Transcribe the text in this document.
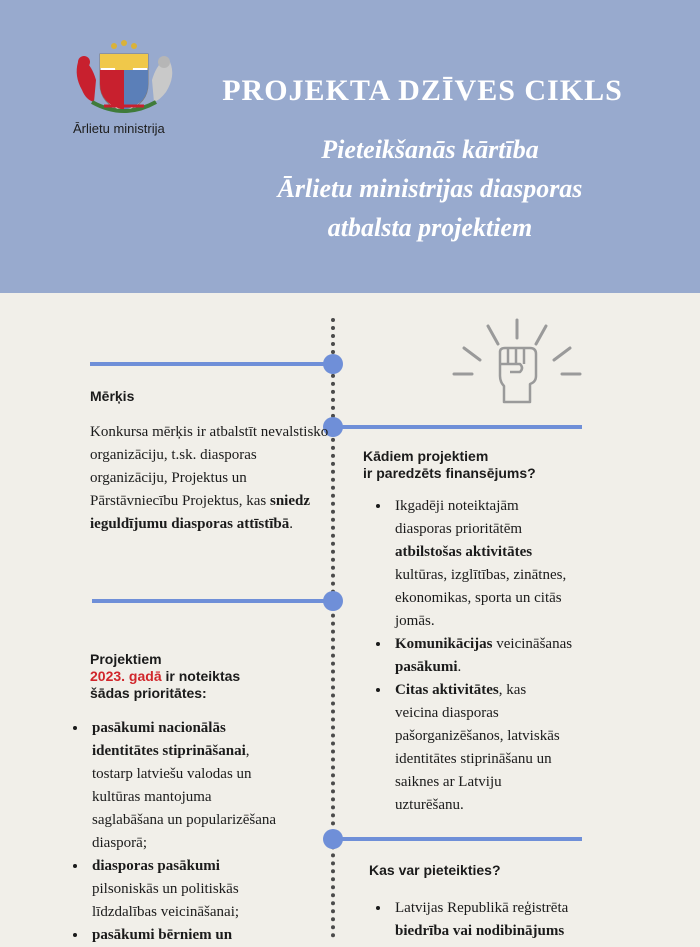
Ārlietu ministrija
PROJEKTA DZĪVES CIKLS
Pieteikšanās kārtība
Ārlietu ministrijas diasporas
atbalsta projektiem
Mērķis
Konkursa mērķis ir atbalstīt nevalstisko organizāciju, t.sk. diasporas organizāciju, Projektus un Pārstāvniecību Projektus, kas sniedz ieguldījumu diasporas attīstībā.
Projektiem
2023. gadā ir noteiktas
šādas prioritātes:
• pasākumi nacionālās identitātes stiprināšanai, tostarp latviešu valodas un kultūras mantojuma saglabāšana un popularizēšana diasporā;
• diasporas pasākumi pilsoniskās un politiskās līdzdalības veicināšanai;
• pasākumi bērniem un
Kādiem projektiem
ir paredzēts finansējums?
• Ikgadēji noteiktajām diasporas prioritātēm atbilstošas aktivitātes kultūras, izglītības, zinātnes, ekonomikas, sporta un citās jomās.
• Komunikācijas veicināšanas pasākumi.
• Citas aktivitātes, kas veicina diasporas pašorganizēšanos, latviskās identitātes stiprināšanu un saiknes ar Latviju uzturēšanu.
Kas var pieteikties?
• Latvijas Republikā reģistrēta biedrība vai nodibinājums
